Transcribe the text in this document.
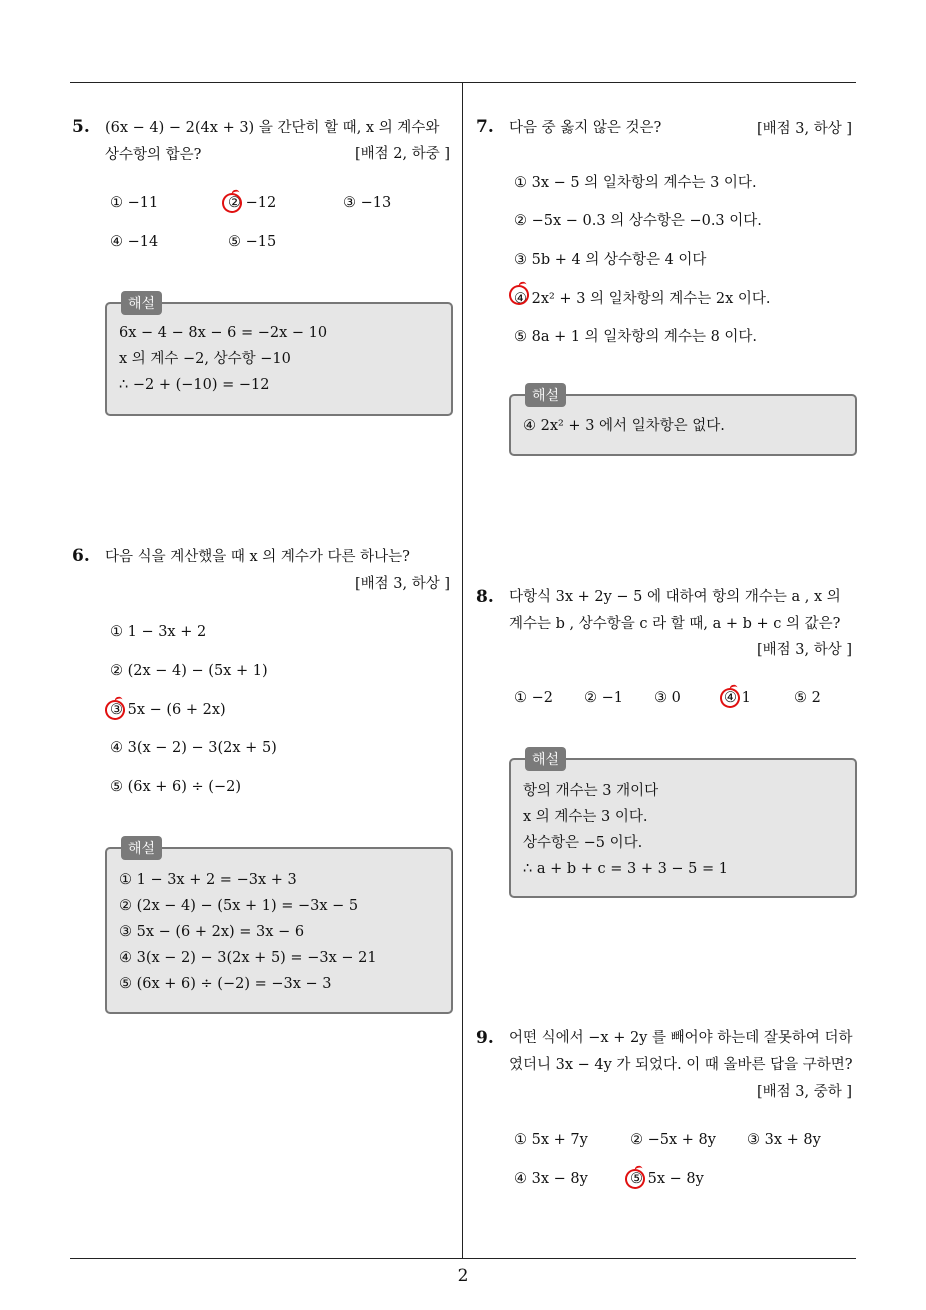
5. (6x − 4) − 2(4x + 3) 을 간단히 할 때, x 의 계수와
상수항의 합은?	[배점 2, 하중 ]
① −11	② −12	③ −13
④ −14	⑤ −15
해설
6x − 4 − 8x − 6 = −2x − 10
x 의 계수 −2, 상수항 −10
∴ −2 + (−10) = −12
6. 다음 식을 계산했을 때 x 의 계수가 다른 하나는?
[배점 3, 하상 ]
① 1 − 3x + 2
② (2x − 4) − (5x + 1)
③ 5x − (6 + 2x)
④ 3(x − 2) − 3(2x + 5)
⑤ (6x + 6) ÷ (−2)
해설
① 1 − 3x + 2 = −3x + 3
② (2x − 4) − (5x + 1) = −3x − 5
③ 5x − (6 + 2x) = 3x − 6
④ 3(x − 2) − 3(2x + 5) = −3x − 21
⑤ (6x + 6) ÷ (−2) = −3x − 3
7. 다음 중 옳지 않은 것은?	[배점 3, 하상 ]
① 3x − 5 의 일차항의 계수는 3 이다.
② −5x − 0.3 의 상수항은 −0.3 이다.
③ 5b + 4 의 상수항은 4 이다
④ 2x² + 3 의 일차항의 계수는 2x 이다.
⑤ 8a + 1 의 일차항의 계수는 8 이다.
해설
④ 2x² + 3 에서 일차항은 없다.
8. 다항식 3x + 2y − 5 에 대하여 항의 개수는 a , x 의
계수는 b , 상수항을 c 라 할 때, a + b + c 의 값은?
[배점 3, 하상 ]
① −2 ② −1 ③ 0	④ 1	⑤ 2
해설
항의 개수는 3 개이다
x 의 계수는 3 이다.
상수항은 −5 이다.
∴ a + b + c = 3 + 3 − 5 = 1
9. 어떤 식에서 −x + 2y 를 빼어야 하는데 잘못하여 더하
였더니 3x − 4y 가 되었다. 이 때 올바른 답을 구하면?
[배점 3, 중하 ]
① 5x + 7y	② −5x + 8y ③ 3x + 8y
④ 3x − 8y	⑤ 5x − 8y
2
